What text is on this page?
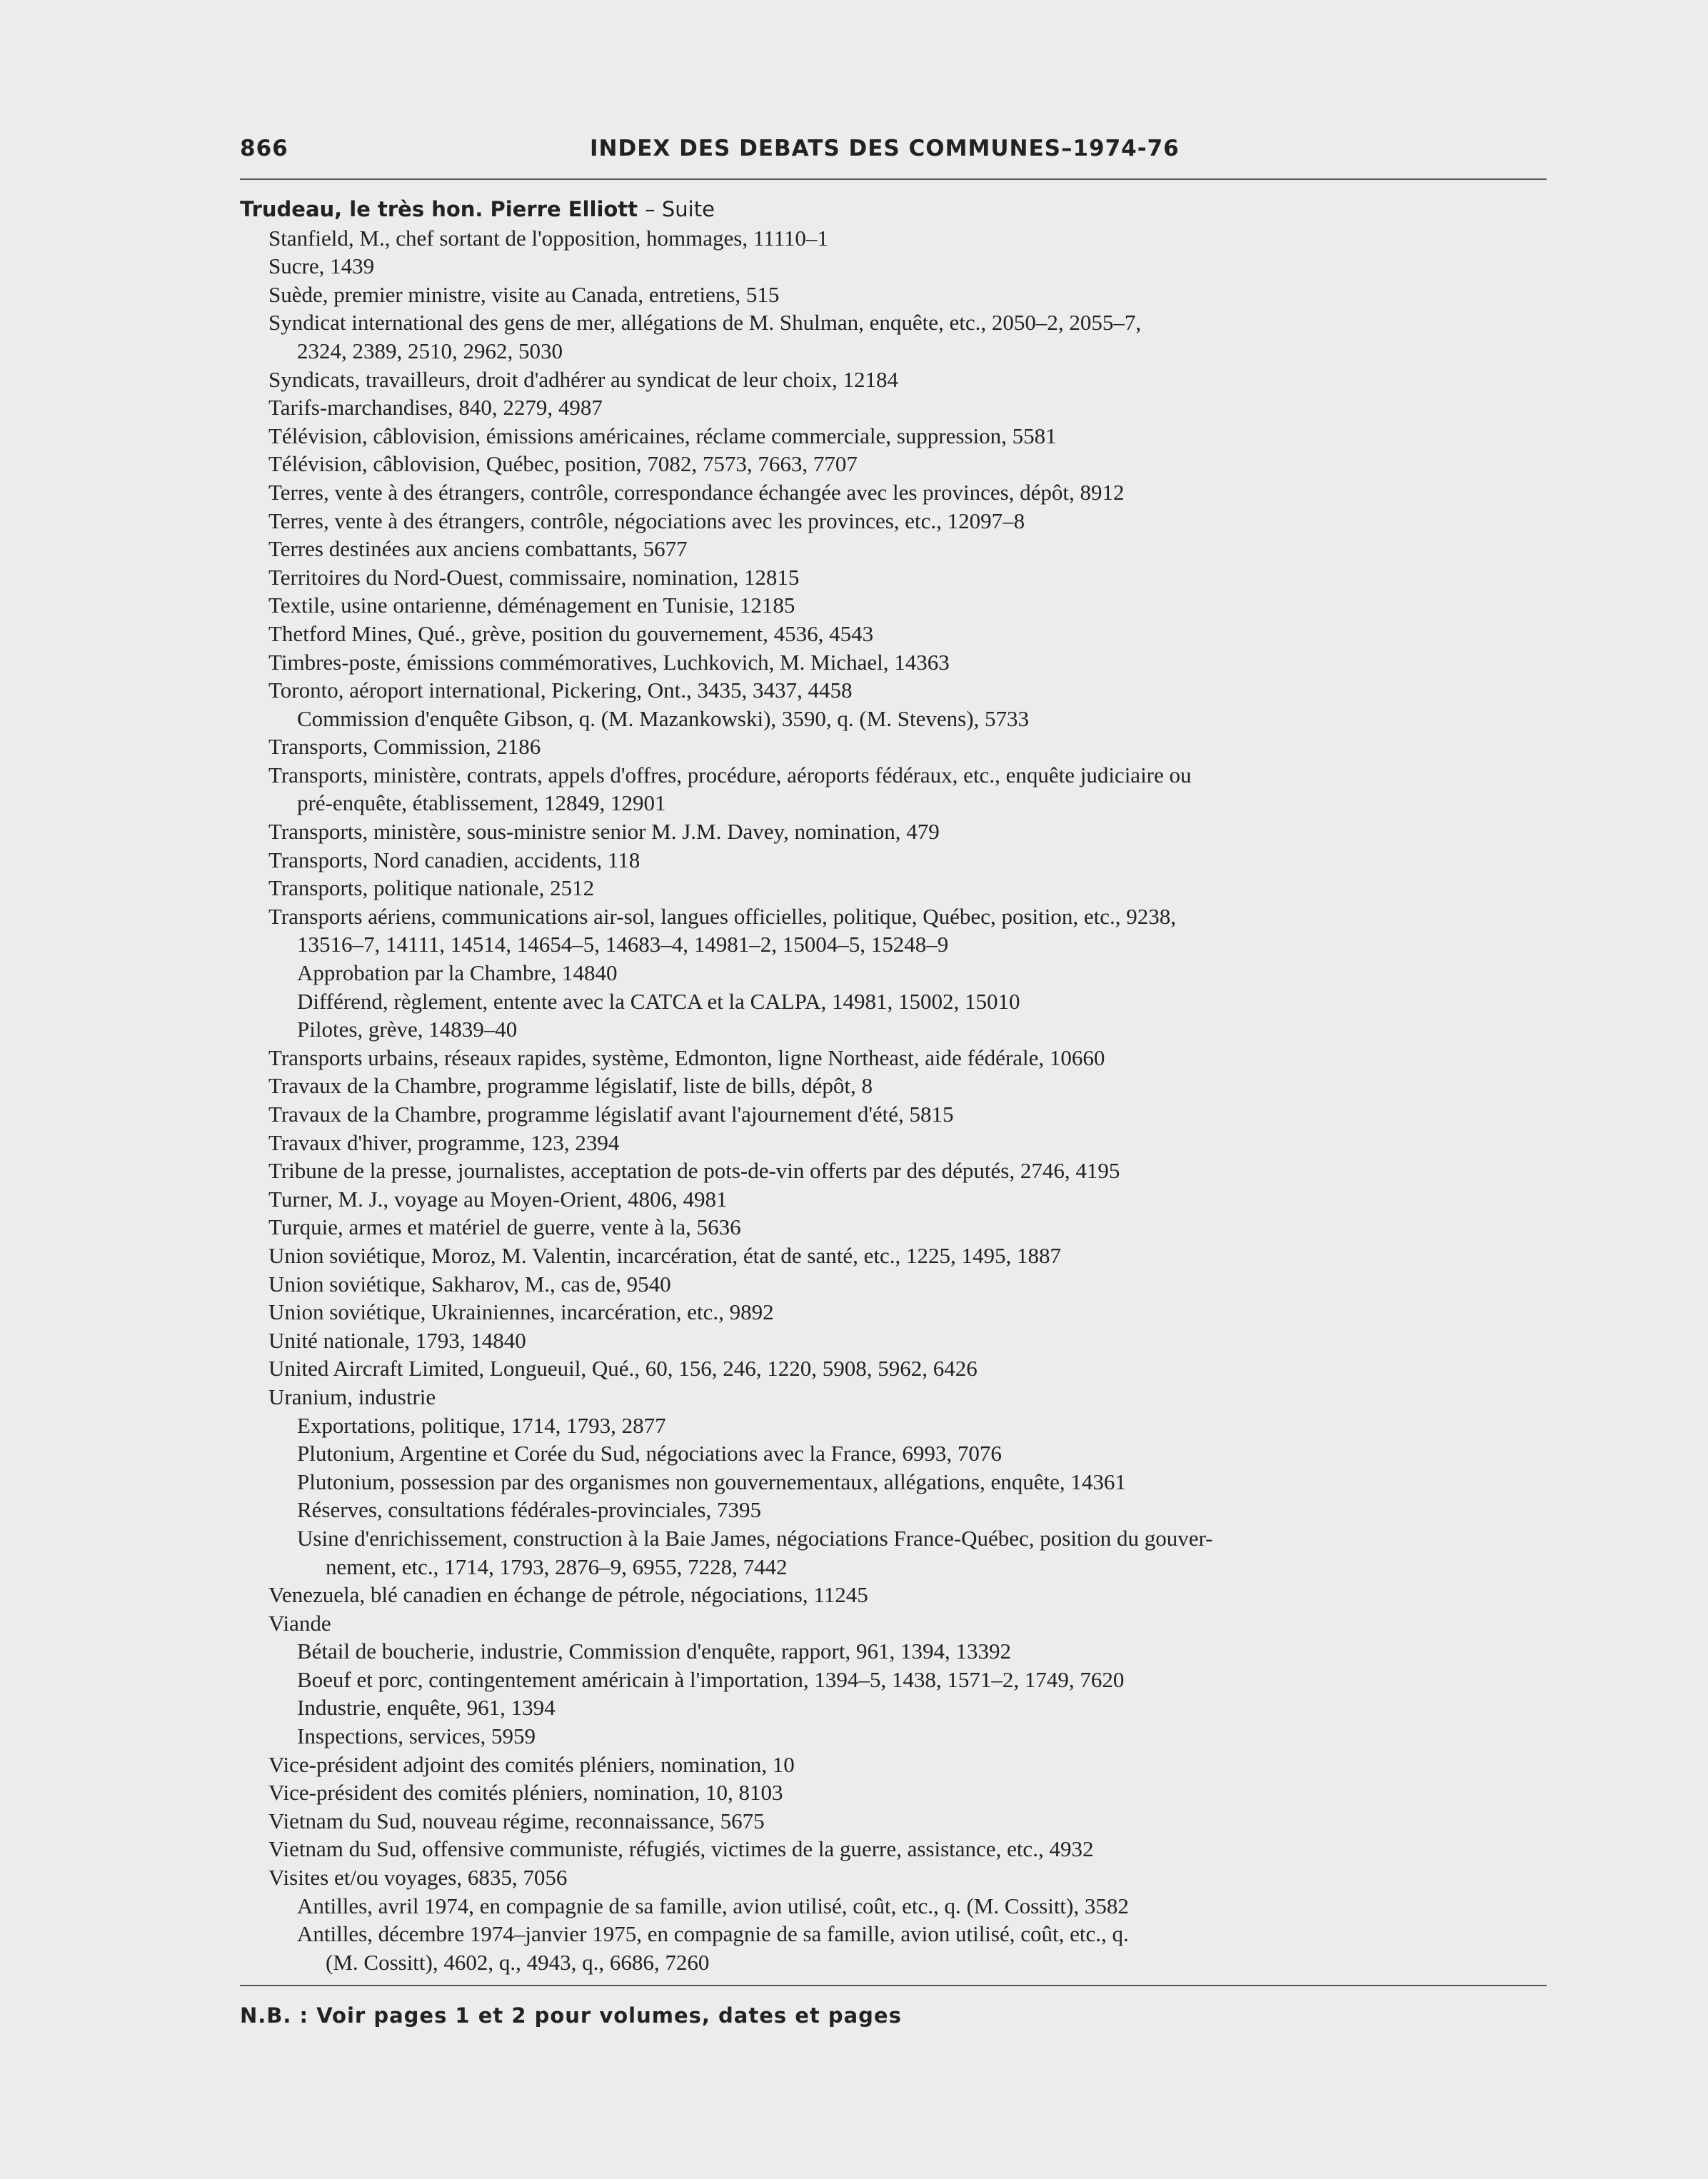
866	INDEX DES DEBATS DES COMMUNES–1974-76
Trudeau, le très hon. Pierre Elliott – Suite
Stanfield, M., chef sortant de l'opposition, hommages, 11110–1
Sucre, 1439
Suède, premier ministre, visite au Canada, entretiens, 515
Syndicat international des gens de mer, allégations de M. Shulman, enquête, etc., 2050–2, 2055–7,
2324, 2389, 2510, 2962, 5030
Syndicats, travailleurs, droit d'adhérer au syndicat de leur choix, 12184
Tarifs-marchandises, 840, 2279, 4987
Télévision, câblovision, émissions américaines, réclame commerciale, suppression, 5581
Télévision, câblovision, Québec, position, 7082, 7573, 7663, 7707
Terres, vente à des étrangers, contrôle, correspondance échangée avec les provinces, dépôt, 8912
Terres, vente à des étrangers, contrôle, négociations avec les provinces, etc., 12097–8
Terres destinées aux anciens combattants, 5677
Territoires du Nord-Ouest, commissaire, nomination, 12815
Textile, usine ontarienne, déménagement en Tunisie, 12185
Thetford Mines, Qué., grève, position du gouvernement, 4536, 4543
Timbres-poste, émissions commémoratives, Luchkovich, M. Michael, 14363
Toronto, aéroport international, Pickering, Ont., 3435, 3437, 4458
Commission d'enquête Gibson, q. (M. Mazankowski), 3590, q. (M. Stevens), 5733
Transports, Commission, 2186
Transports, ministère, contrats, appels d'offres, procédure, aéroports fédéraux, etc., enquête judiciaire ou
pré-enquête, établissement, 12849, 12901
Transports, ministère, sous-ministre senior M. J.M. Davey, nomination, 479
Transports, Nord canadien, accidents, 118
Transports, politique nationale, 2512
Transports aériens, communications air-sol, langues officielles, politique, Québec, position, etc., 9238,
13516–7, 14111, 14514, 14654–5, 14683–4, 14981–2, 15004–5, 15248–9
Approbation par la Chambre, 14840
Différend, règlement, entente avec la CATCA et la CALPA, 14981, 15002, 15010
Pilotes, grève, 14839–40
Transports urbains, réseaux rapides, système, Edmonton, ligne Northeast, aide fédérale, 10660
Travaux de la Chambre, programme législatif, liste de bills, dépôt, 8
Travaux de la Chambre, programme législatif avant l'ajournement d'été, 5815
Travaux d'hiver, programme, 123, 2394
Tribune de la presse, journalistes, acceptation de pots-de-vin offerts par des députés, 2746, 4195
Turner, M. J., voyage au Moyen-Orient, 4806, 4981
Turquie, armes et matériel de guerre, vente à la, 5636
Union soviétique, Moroz, M. Valentin, incarcération, état de santé, etc., 1225, 1495, 1887
Union soviétique, Sakharov, M., cas de, 9540
Union soviétique, Ukrainiennes, incarcération, etc., 9892
Unité nationale, 1793, 14840
United Aircraft Limited, Longueuil, Qué., 60, 156, 246, 1220, 5908, 5962, 6426
Uranium, industrie
Exportations, politique, 1714, 1793, 2877
Plutonium, Argentine et Corée du Sud, négociations avec la France, 6993, 7076
Plutonium, possession par des organismes non gouvernementaux, allégations, enquête, 14361
Réserves, consultations fédérales-provinciales, 7395
Usine d'enrichissement, construction à la Baie James, négociations France-Québec, position du gouver-
nement, etc., 1714, 1793, 2876–9, 6955, 7228, 7442
Venezuela, blé canadien en échange de pétrole, négociations, 11245
Viande
Bétail de boucherie, industrie, Commission d'enquête, rapport, 961, 1394, 13392
Boeuf et porc, contingentement américain à l'importation, 1394–5, 1438, 1571–2, 1749, 7620
Industrie, enquête, 961, 1394
Inspections, services, 5959
Vice-président adjoint des comités pléniers, nomination, 10
Vice-président des comités pléniers, nomination, 10, 8103
Vietnam du Sud, nouveau régime, reconnaissance, 5675
Vietnam du Sud, offensive communiste, réfugiés, victimes de la guerre, assistance, etc., 4932
Visites et/ou voyages, 6835, 7056
Antilles, avril 1974, en compagnie de sa famille, avion utilisé, coût, etc., q. (M. Cossitt), 3582
Antilles, décembre 1974–janvier 1975, en compagnie de sa famille, avion utilisé, coût, etc., q.
(M. Cossitt), 4602, q., 4943, q., 6686, 7260
N.B. : Voir pages 1 et 2 pour volumes, dates et pages
